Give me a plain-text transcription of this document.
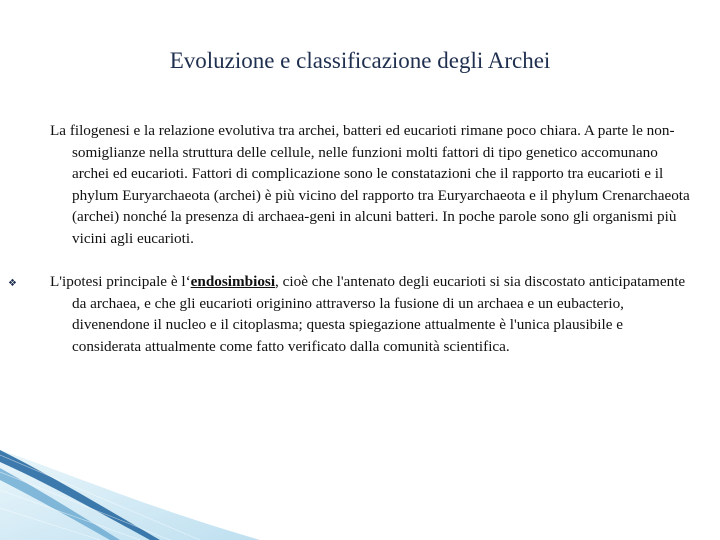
Evoluzione e classificazione degli Archei

La filogenesi e la relazione evolutiva tra archei, batteri ed eucarioti rimane poco chiara. A parte le non-somiglianze nella struttura delle cellule, nelle funzioni molti fattori di tipo genetico accomunano archei ed eucarioti. Fattori di complicazione sono le constatazioni che il rapporto tra eucarioti e il phylum Euryarchaeota (archei) è più vicino del rapporto tra Euryarchaeota e il phylum Crenarchaeota (archei) nonché la presenza di archaea-geni in alcuni batteri. In poche parole sono gli organismi più vicini agli eucarioti.

❖	L'ipotesi principale è l‘endosimbiosi, cioè che l'antenato degli eucarioti si sia discostato anticipatamente da archaea, e che gli eucarioti originino attraverso la fusione di un archaea e un eubacterio, divenendone il nucleo e il citoplasma; questa spiegazione attualmente è l'unica plausibile e considerata attualmente come fatto verificato dalla comunità scientifica.
